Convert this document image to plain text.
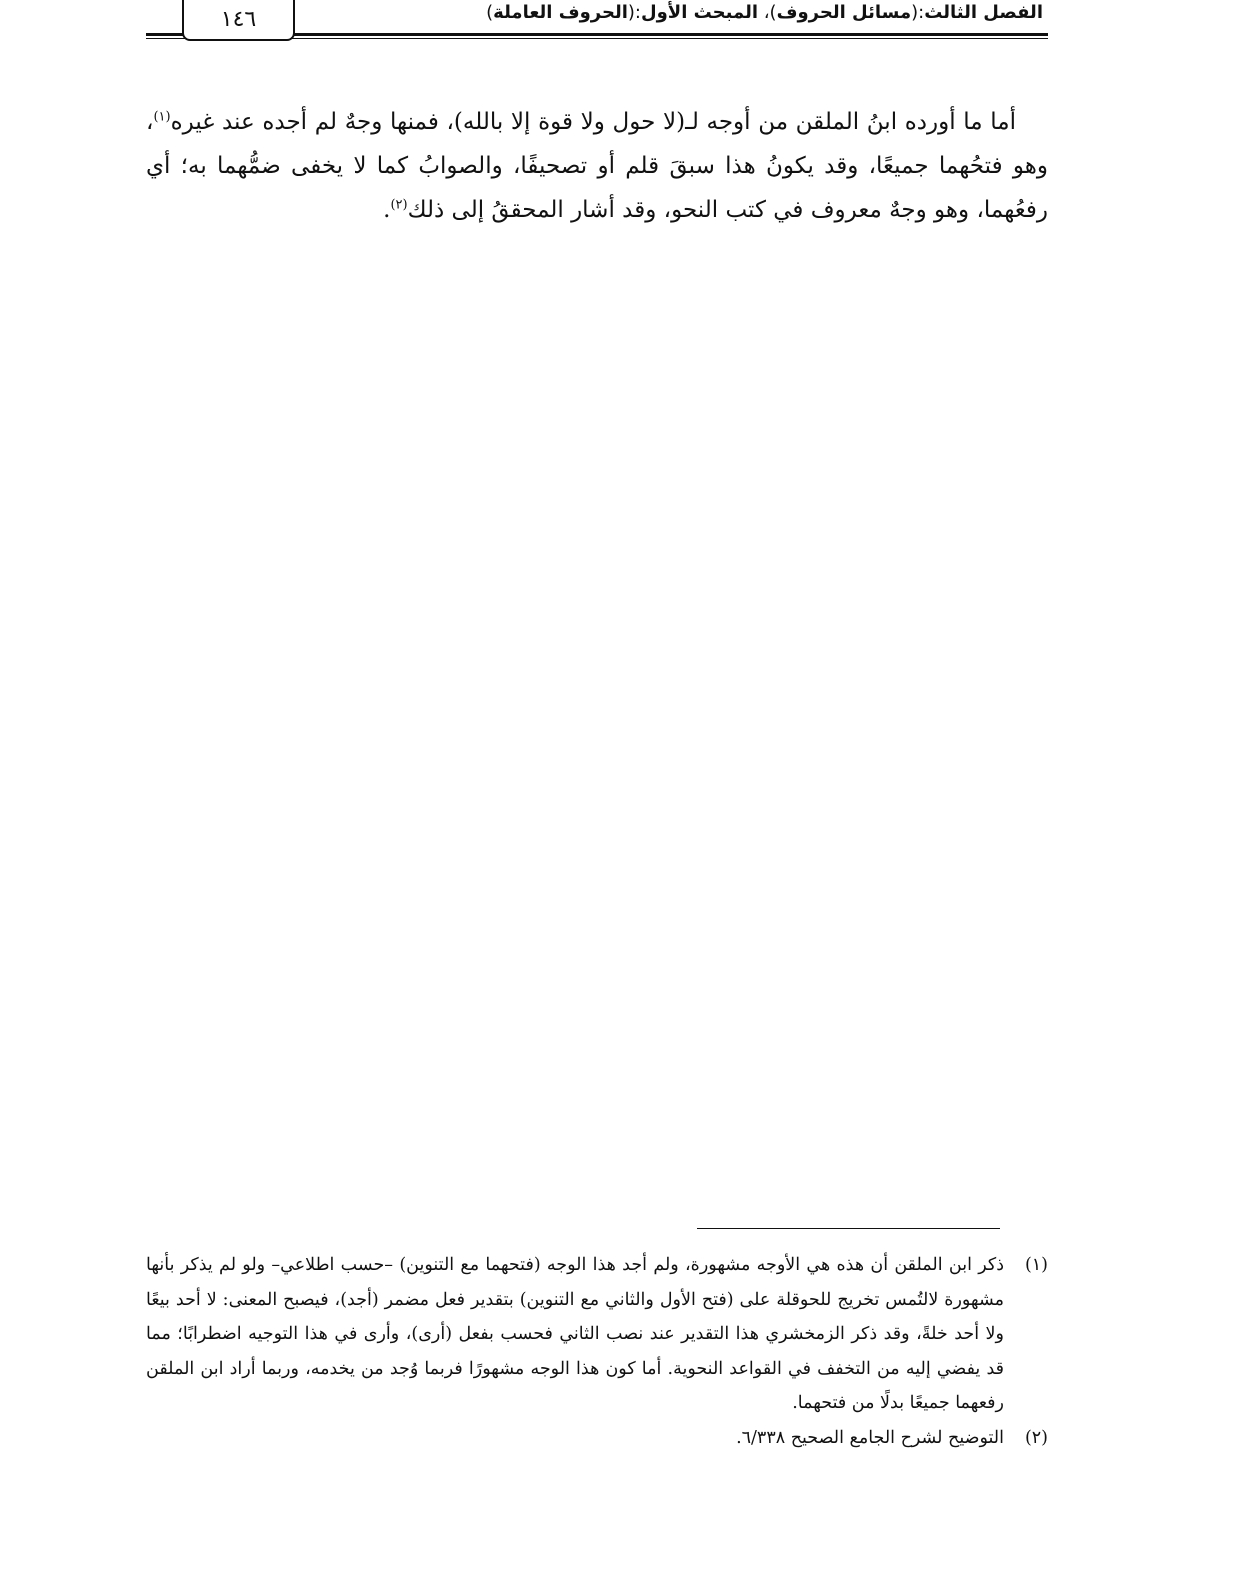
الفصل الثالث:(مسائل الحروف)، المبحث الأول:(الحروف العاملة)
١٤٦

أما ما أورده ابنُ الملقن من أوجه لـ(لا حول ولا قوة إلا بالله)، فمنها وجهٌ لم أجده عند غيره$^{(١)}$، وهو فتحُهما جميعًا، وقد يكونُ هذا سبقَ قلم أو تصحيفًا، والصوابُ كما لا يخفى ضمُّهما به؛ أي رفعُهما، وهو وجهٌ معروف في كتب النحو، وقد أشار المحققُ إلى ذلك$^{(٢)}$.

(١)
ذكر ابن الملقن أن هذه هي الأوجه مشهورة، ولم أجد هذا الوجه (فتحهما مع التنوين) –حسب اطلاعي– ولو لم يذكر بأنها مشهورة لالتُمس تخريج للحوقلة على (فتح الأول والثاني مع التنوين) بتقدير فعل مضمر (أجد)، فيصبح المعنى: لا أحد بيعًا ولا أحد خلةً، وقد ذكر الزمخشري هذا التقدير عند نصب الثاني فحسب بفعل (أرى)، وأرى في هذا التوجيه اضطرابًا؛ مما قد يفضي إليه من التخفف في القواعد النحوية. أما كون هذا الوجه مشهورًا فربما وُجد من يخدمه، وربما أراد ابن الملقن رفعهما جميعًا بدلًا من فتحهما.
(٢)
التوضيح لشرح الجامع الصحيح ٦/٣٣٨.
